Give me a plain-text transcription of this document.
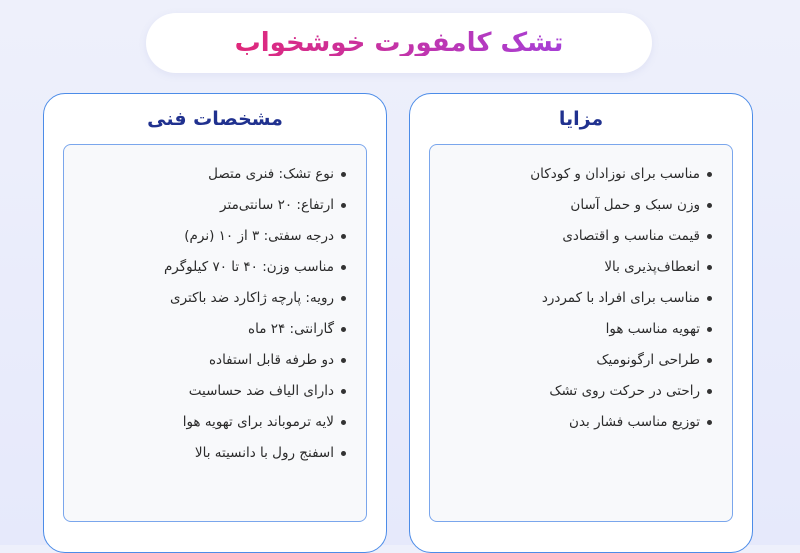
تشک کامفورت خوشخواب
مزایا
مناسب برای نوزادان و کودکان
وزن سبک و حمل آسان
قیمت مناسب و اقتصادی
انعطاف‌پذیری بالا
مناسب برای افراد با کمردرد
تهویه مناسب هوا
طراحی ارگونومیک
راحتی در حرکت روی تشک
توزیع مناسب فشار بدن
مشخصات فنی
نوع تشک: فنری متصل
ارتفاع: ۲۰ سانتی‌متر
درجه سفتی: ۳ از ۱۰ (نرم)
مناسب وزن: ۴۰ تا ۷۰ کیلوگرم
رویه: پارچه ژاکارد ضد باکتری
گارانتی: ۲۴ ماه
دو طرفه قابل استفاده
دارای الیاف ضد حساسیت
لایه ترموباند برای تهویه هوا
اسفنج رول با دانسیته بالا
